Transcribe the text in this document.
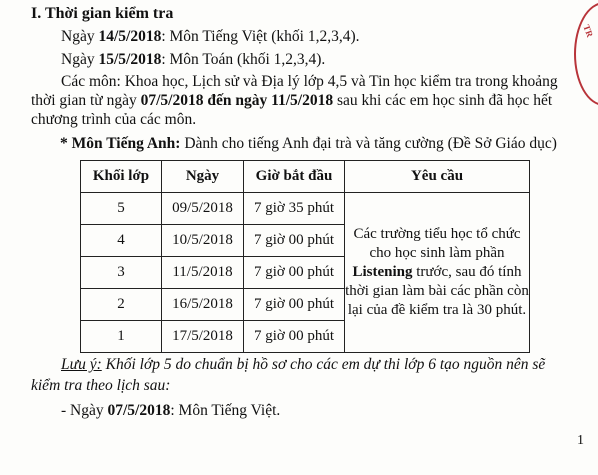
TR
I. Thời gian kiểm tra
Ngày 14/5/2018: Môn Tiếng Việt (khối 1,2,3,4).
Ngày 15/5/2018: Môn Toán (khối 1,2,3,4).
Các môn: Khoa học, Lịch sử và Địa lý lớp 4,5 và Tin học kiểm tra trong khoảng
thời gian từ ngày 07/5/2018 đến ngày 11/5/2018 sau khi các em học sinh đã học hết
chương trình của các môn.
* Môn Tiếng Anh: Dành cho tiếng Anh đại trà và tăng cường (Đề Sở Giáo dục)
Khối lớp	Ngày	Giờ bắt đầu	Yêu cầu
5	09/5/2018	7 giờ 35 phút	Các trường tiểu học tổ chức cho học sinh làm phần Listening trước, sau đó tính thời gian làm bài các phần còn lại của đề kiểm tra là 30 phút.
4	10/5/2018	7 giờ 00 phút	
3	11/5/2018	7 giờ 00 phút	
2	16/5/2018	7 giờ 00 phút	
1	17/5/2018	7 giờ 00 phút	
Lưu ý: Khối lớp 5 do chuẩn bị hồ sơ cho các em dự thi lớp 6 tạo nguồn nên sẽ
kiểm tra theo lịch sau:
- Ngày 07/5/2018: Môn Tiếng Việt.
1
